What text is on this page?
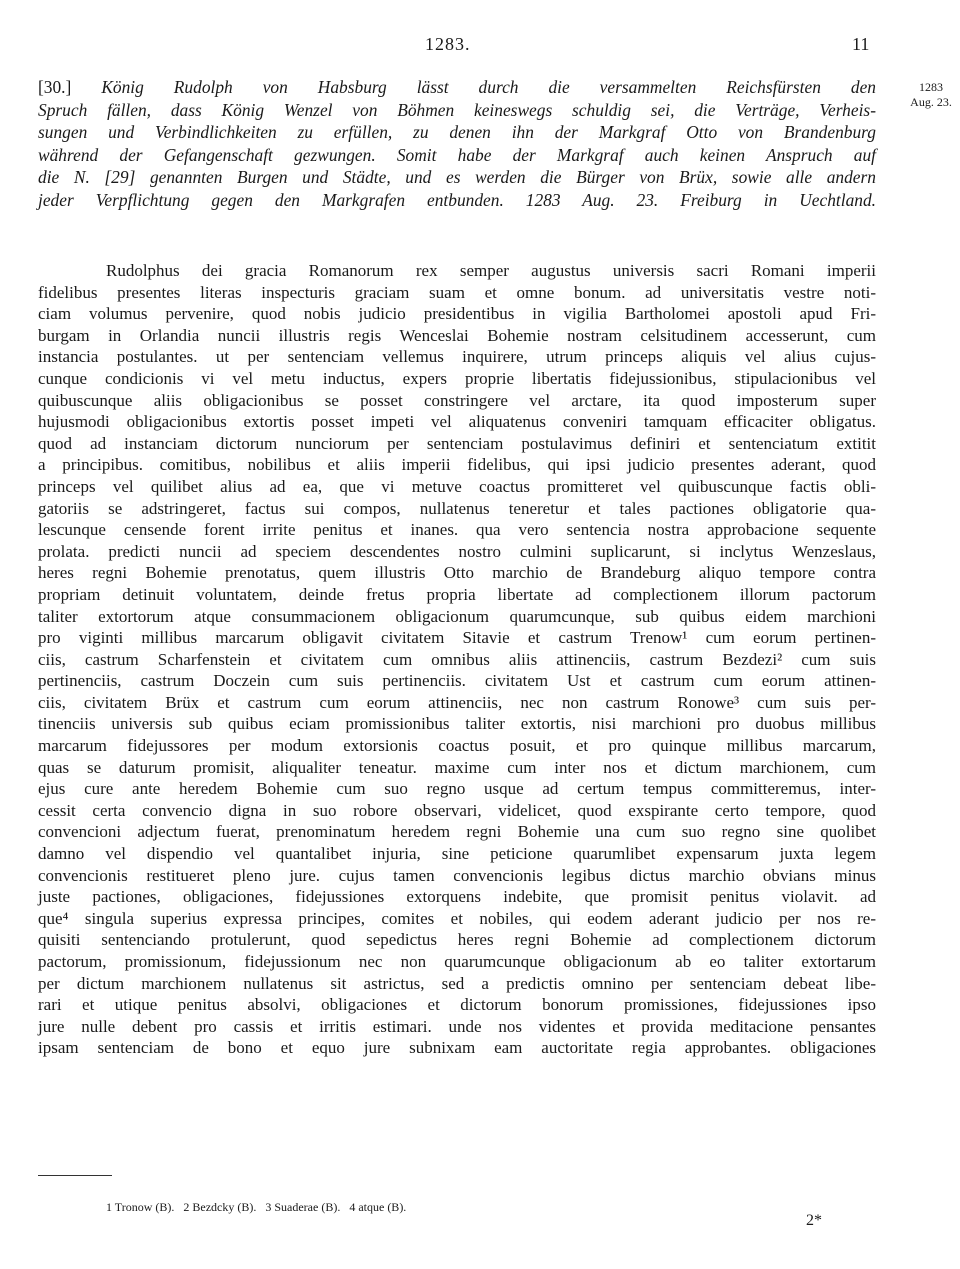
1283.	11
1283
Aug. 23.
[30.] König Rudolph von Habsburg lässt durch die versammelten Reichsfürsten den
Spruch fällen, dass König Wenzel von Böhmen keineswegs schuldig sei, die Verträge, Verheis-
sungen und Verbindlichkeiten zu erfüllen, zu denen ihn der Markgraf Otto von Brandenburg
während der Gefangenschaft gezwungen. Somit habe der Markgraf auch keinen Anspruch auf
die N. [29] genannten Burgen und Städte, und es werden die Bürger von Brüx, sowie alle andern
jeder Verpflichtung gegen den Markgrafen entbunden. 1283 Aug. 23. Freiburg in Uechtland.
Rudolphus dei gracia Romanorum rex semper augustus universis sacri Romani imperii
fidelibus presentes literas inspecturis graciam suam et omne bonum. ad universitatis vestre noti-
ciam volumus pervenire, quod nobis judicio presidentibus in vigilia Bartholomei apostoli apud Fri-
burgam in Orlandia nuncii illustris regis Wenceslai Bohemie nostram celsitudinem accesserunt, cum
instancia postulantes. ut per sentenciam vellemus inquirere, utrum princeps aliquis vel alius cujus-
cunque condicionis vi vel metu inductus, expers proprie libertatis fidejussionibus, stipulacionibus vel
quibuscunque aliis obligacionibus se posset constringere vel arctare, ita quod imposterum super
hujusmodi obligacionibus extortis posset impeti vel aliquatenus conveniri tamquam efficaciter obligatus.
quod ad instanciam dictorum nunciorum per sentenciam postulavimus definiri et sentenciatum extitit
a principibus. comitibus, nobilibus et aliis imperii fidelibus, qui ipsi judicio presentes aderant, quod
princeps vel quilibet alius ad ea, que vi metuve coactus promitteret vel quibuscunque factis obli-
gatoriis se adstringeret, factus sui compos, nullatenus teneretur et tales pactiones obligatorie qua-
lescunque censende forent irrite penitus et inanes. qua vero sentencia nostra approbacione sequente
prolata. predicti nuncii ad speciem descendentes nostro culmini suplicarunt, si inclytus Wenzeslaus,
heres regni Bohemie prenotatus, quem illustris Otto marchio de Brandeburg aliquo tempore contra
propriam detinuit voluntatem, deinde fretus propria libertate ad complectionem illorum pactorum
taliter extortorum atque consummacionem obligacionum quarumcunque, sub quibus eidem marchioni
pro viginti millibus marcarum obligavit civitatem Sitavie et castrum Trenow¹ cum eorum pertinen-
ciis, castrum Scharfenstein et civitatem cum omnibus aliis attinenciis, castrum Bezdezi² cum suis
pertinenciis, castrum Doczein cum suis pertinenciis. civitatem Ust et castrum cum eorum attinen-
ciis, civitatem Brüx et castrum cum eorum attinenciis, nec non castrum Ronowe³ cum suis per-
tinenciis universis sub quibus eciam promissionibus taliter extortis, nisi marchioni pro duobus millibus
marcarum fidejussores per modum extorsionis coactus posuit, et pro quinque millibus marcarum,
quas se daturum promisit, aliqualiter teneatur. maxime cum inter nos et dictum marchionem, cum
ejus cure ante heredem Bohemie cum suo regno usque ad certum tempus committeremus, inter-
cessit certa convencio digna in suo robore observari, videlicet, quod exspirante certo tempore, quod
convencioni adjectum fuerat, prenominatum heredem regni Bohemie una cum suo regno sine quolibet
damno vel dispendio vel quantalibet injuria, sine peticione quarumlibet expensarum juxta legem
convencionis restitueret pleno jure. cujus tamen convencionis legibus dictus marchio obvians minus
juste pactiones, obligaciones, fidejussiones extorquens indebite, que promisit penitus violavit. ad
que⁴ singula superius expressa principes, comites et nobiles, qui eodem aderant judicio per nos re-
quisiti sentenciando protulerunt, quod sepedictus heres regni Bohemie ad complectionem dictorum
pactorum, promissionum, fidejussionum nec non quarumcunque obligacionum ab eo taliter extortarum
per dictum marchionem nullatenus sit astrictus, sed a predictis omnino per sentenciam debeat libe-
rari et utique penitus absolvi, obligaciones et dictorum bonorum promissiones, fidejussiones ipso
jure nulle debent pro cassis et irritis estimari. unde nos videntes et provida meditacione pensantes
ipsam sentenciam de bono et equo jure subnixam eam auctoritate regia approbantes. obligaciones
1 Tronow (B). 2 Bezdcky (B). 3 Suaderae (B). 4 atque (B).
2*
